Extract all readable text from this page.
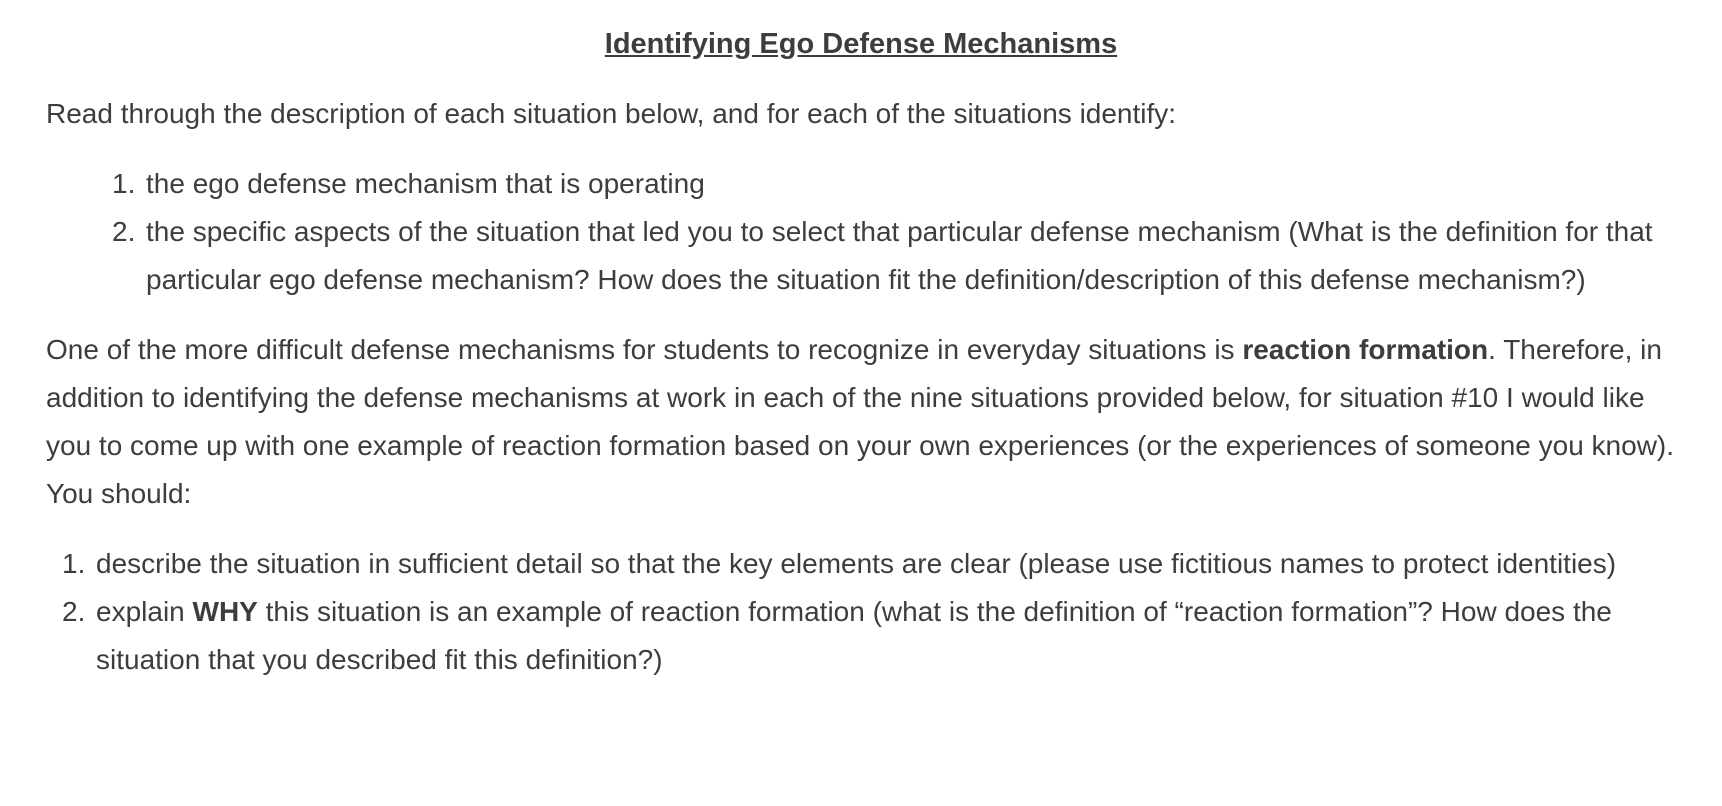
Identifying Ego Defense Mechanisms

Read through the description of each situation below, and for each of the situations identify:

1. the ego defense mechanism that is operating
2. the specific aspects of the situation that led you to select that particular defense mechanism (What is the definition for that particular ego defense mechanism? How does the situation fit the definition/description of this defense mechanism?)

One of the more difficult defense mechanisms for students to recognize in everyday situations is reaction formation. Therefore, in addition to identifying the defense mechanisms at work in each of the nine situations provided below, for situation #10 I would like you to come up with one example of reaction formation based on your own experiences (or the experiences of someone you know). You should:

1. describe the situation in sufficient detail so that the key elements are clear (please use fictitious names to protect identities)
2. explain WHY this situation is an example of reaction formation (what is the definition of “reaction formation”? How does the situation that you described fit this definition?)
